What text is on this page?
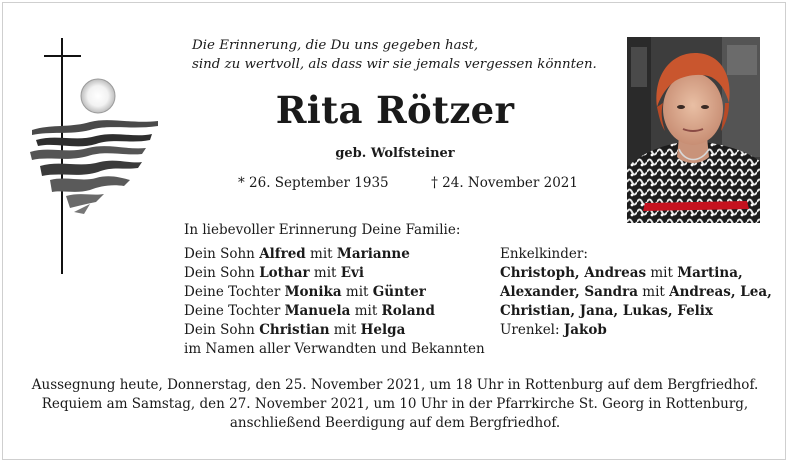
Die Erinnerung, die Du uns gegeben hast,
sind zu wertvoll, als dass wir sie jemals vergessen könnten.
Rita Rötzer
geb. Wolfsteiner
* 26. September 1935	† 24. November 2021
In liebevoller Erinnerung Deine Familie:
Dein Sohn Alfred mit Marianne
Dein Sohn Lothar mit Evi
Deine Tochter Monika mit Günter
Deine Tochter Manuela mit Roland
Dein Sohn Christian mit Helga
im Namen aller Verwandten und Bekannten
Enkelkinder:
Christoph, Andreas mit Martina,
Alexander, Sandra mit Andreas, Lea,
Christian, Jana, Lukas, Felix
Urenkel: Jakob
Aussegnung heute, Donnerstag, den 25. November 2021, um 18 Uhr in Rottenburg auf dem Bergfriedhof.
Requiem am Samstag, den 27. November 2021, um 10 Uhr in der Pfarrkirche St. Georg in Rottenburg,
anschließend Beerdigung auf dem Bergfriedhof.
